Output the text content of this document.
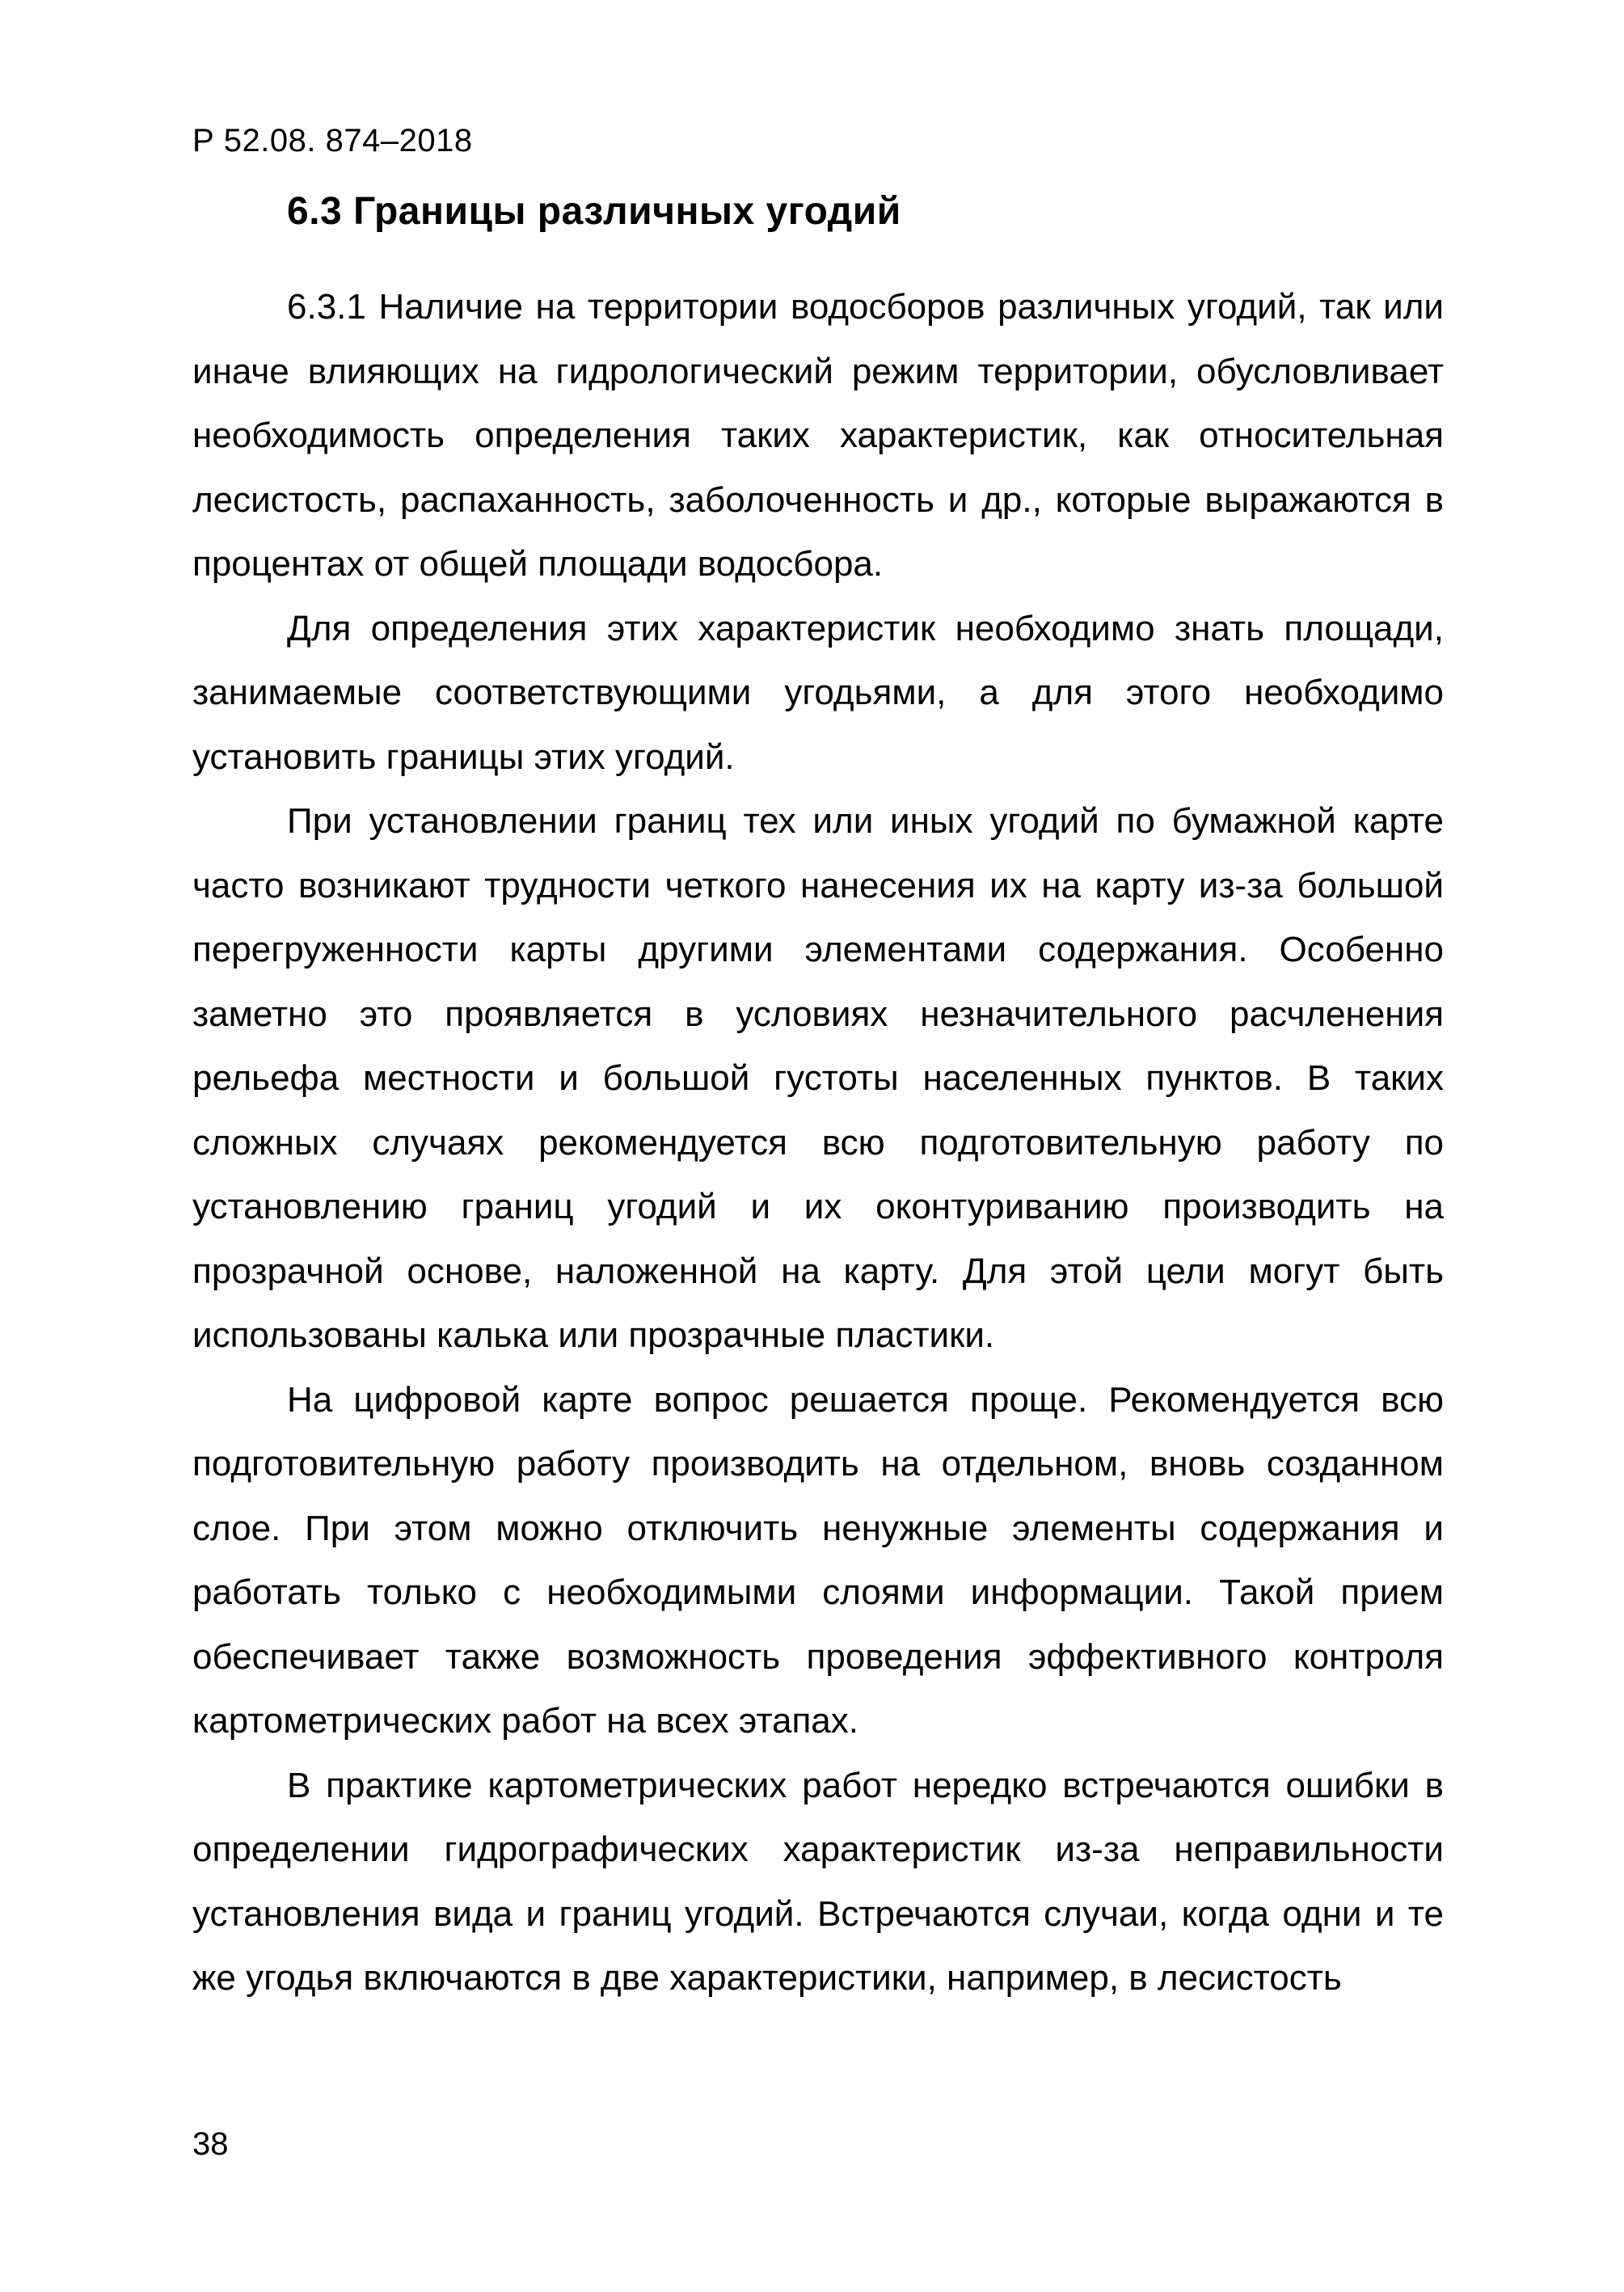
Р 52.08. 874–2018
6.3 Границы различных угодий

6.3.1 Наличие на территории водосборов различных угодий, так или иначе влияющих на гидрологический режим территории, обусловливает необходимость определения таких характеристик, как относительная лесистость, распаханность, заболоченность и др., которые выражаются в процентах от общей площади водосбора.

Для определения этих характеристик необходимо знать площади, занимаемые соответствующими угодьями, а для этого необходимо установить границы этих угодий.

При установлении границ тех или иных угодий по бумажной карте часто возникают трудности четкого нанесения их на карту из-за большой перегруженности карты другими элементами содержания. Особенно заметно это проявляется в условиях незначительного расчленения рельефа местности и большой густоты населенных пунктов. В таких сложных случаях рекомендуется всю подготовительную работу по установлению границ угодий и их оконтуриванию производить на прозрачной основе, наложенной на карту. Для этой цели могут быть использованы калька или прозрачные пластики.

На цифровой карте вопрос решается проще. Рекомендуется всю подготовительную работу производить на отдельном, вновь созданном слое. При этом можно отключить ненужные элементы содержания и работать только с необходимыми слоями информации. Такой прием обеспечивает также возможность проведения эффективного контроля картометрических работ на всех этапах.

В практике картометрических работ нередко встречаются ошибки в определении гидрографических характеристик из-за неправильности установления вида и границ угодий. Встречаются случаи, когда одни и те же угодья включаются в две характеристики, например, в лесистость

38
